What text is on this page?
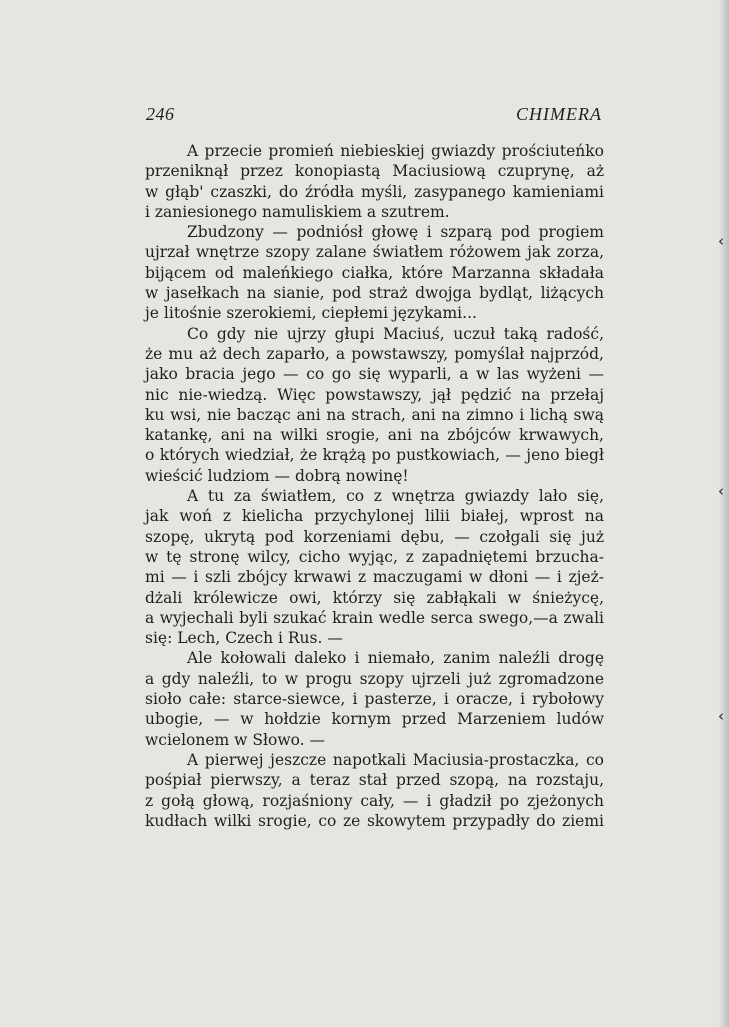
246	CHIMERA
A przecie promień niebieskiej gwiazdy prościuteńko
przeniknął przez konopiastą Maciusiową czuprynę, aż
w głąb' czaszki, do źródła myśli, zasypanego kamieniami
i zaniesionego namuliskiem a szutrem.
Zbudzony — podniósł głowę i szparą pod progiem
ujrzał wnętrze szopy zalane światłem różowem jak zorza,
bijącem od maleńkiego ciałka, które Marzanna składała
w jasełkach na sianie, pod straż dwojga bydląt, liżących
je litośnie szerokiemi, ciepłemi językami...
Co gdy nie ujrzy głupi Maciuś, uczuł taką radość,
że mu aż dech zaparło, a powstawszy, pomyślał najprzód,
jako bracia jego — co go się wyparli, a w las wyżeni —
nic nie-wiedzą. Więc powstawszy, jął pędzić na przełaj
ku wsi, nie bacząc ani na strach, ani na zimno i lichą swą
katankę, ani na wilki srogie, ani na zbójców krwawych,
o których wiedział, że krążą po pustkowiach, — jeno biegł
wieścić ludziom — dobrą nowinę!
A tu za światłem, co z wnętrza gwiazdy lało się,
jak woń z kielicha przychylonej lilii białej, wprost na
szopę, ukrytą pod korzeniami dębu, — czołgali się już
w tę stronę wilcy, cicho wyjąc, z zapadniętemi brzucha-
mi — i szli zbójcy krwawi z maczugami w dłoni — i zjeż-
dżali królewicze owi, którzy się zabłąkali w śnieżycę,
a wyjechali byli szukać krain wedle serca swego,—a zwali
się: Lech, Czech i Rus. —
Ale kołowali daleko i niemało, zanim naleźli drogę
a gdy naleźli, to w progu szopy ujrzeli już zgromadzone
sioło całe: starce-siewce, i pasterze, i oracze, i rybołowy
ubogie, — w hołdzie kornym przed Marzeniem ludów
wcielonem w Słowo. —
A pierwej jeszcze napotkali Maciusia-prostaczka, co
pośpiał pierwszy, a teraz stał przed szopą, na rozstaju,
z gołą głową, rozjaśniony cały, — i gładził po zjeżonych
kudłach wilki srogie, co ze skowytem przypadły do ziemi
‹
‹
‹
